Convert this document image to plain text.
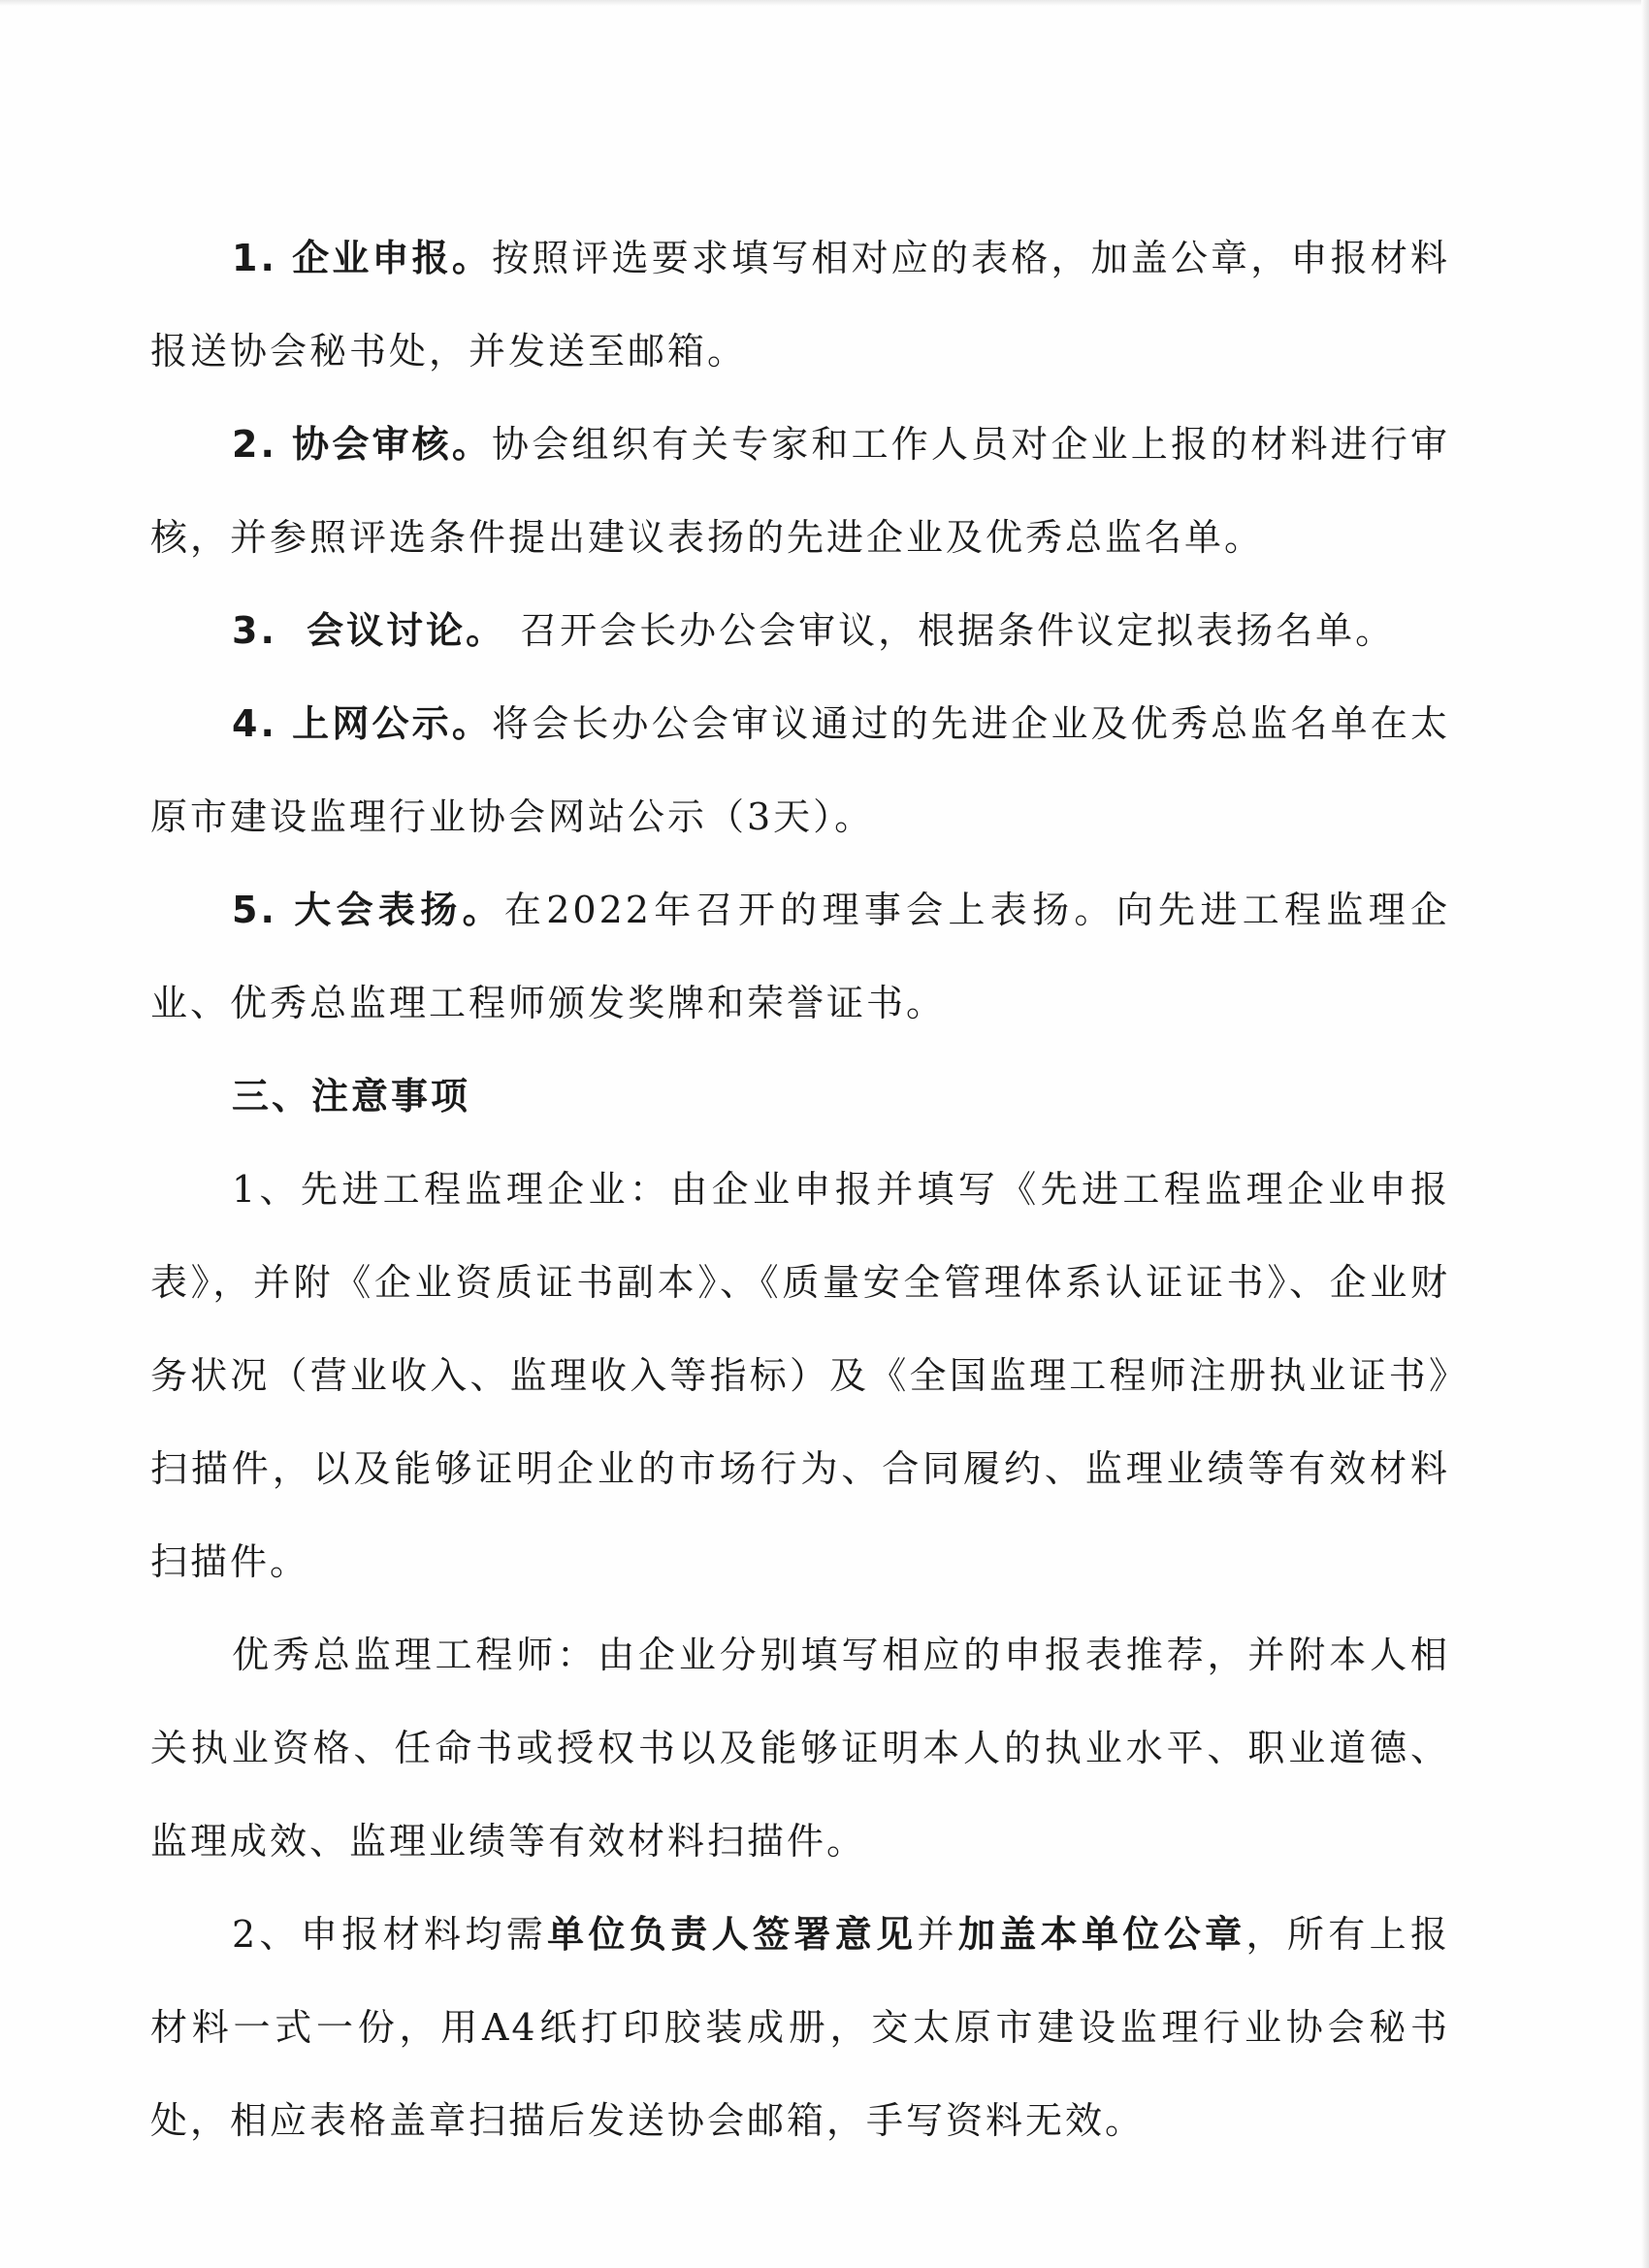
1. 企业申报。按照评选要求填写相对应的表格，加盖公章，申报材料报送协会秘书处，并发送至邮箱。

2. 协会审核。协会组织有关专家和工作人员对企业上报的材料进行审核，并参照评选条件提出建议表扬的先进企业及优秀总监名单。

3. 会议讨论。 召开会长办公会审议，根据条件议定拟表扬名单。

4. 上网公示。将会长办公会审议通过的先进企业及优秀总监名单在太原市建设监理行业协会网站公示（3天）。

5. 大会表扬。在2022年召开的理事会上表扬。向先进工程监理企业、优秀总监理工程师颁发奖牌和荣誉证书。

三、注意事项

1、先进工程监理企业：由企业申报并填写《先进工程监理企业申报表》，并附《企业资质证书副本》、《质量安全管理体系认证证书》、企业财务状况（营业收入、监理收入等指标）及《全国监理工程师注册执业证书》扫描件，以及能够证明企业的市场行为、合同履约、监理业绩等有效材料扫描件。

优秀总监理工程师：由企业分别填写相应的申报表推荐，并附本人相关执业资格、任命书或授权书以及能够证明本人的执业水平、职业道德、监理成效、监理业绩等有效材料扫描件。

2、申报材料均需单位负责人签署意见并加盖本单位公章，所有上报材料一式一份，用A4纸打印胶装成册，交太原市建设监理行业协会秘书处，相应表格盖章扫描后发送协会邮箱，手写资料无效。
